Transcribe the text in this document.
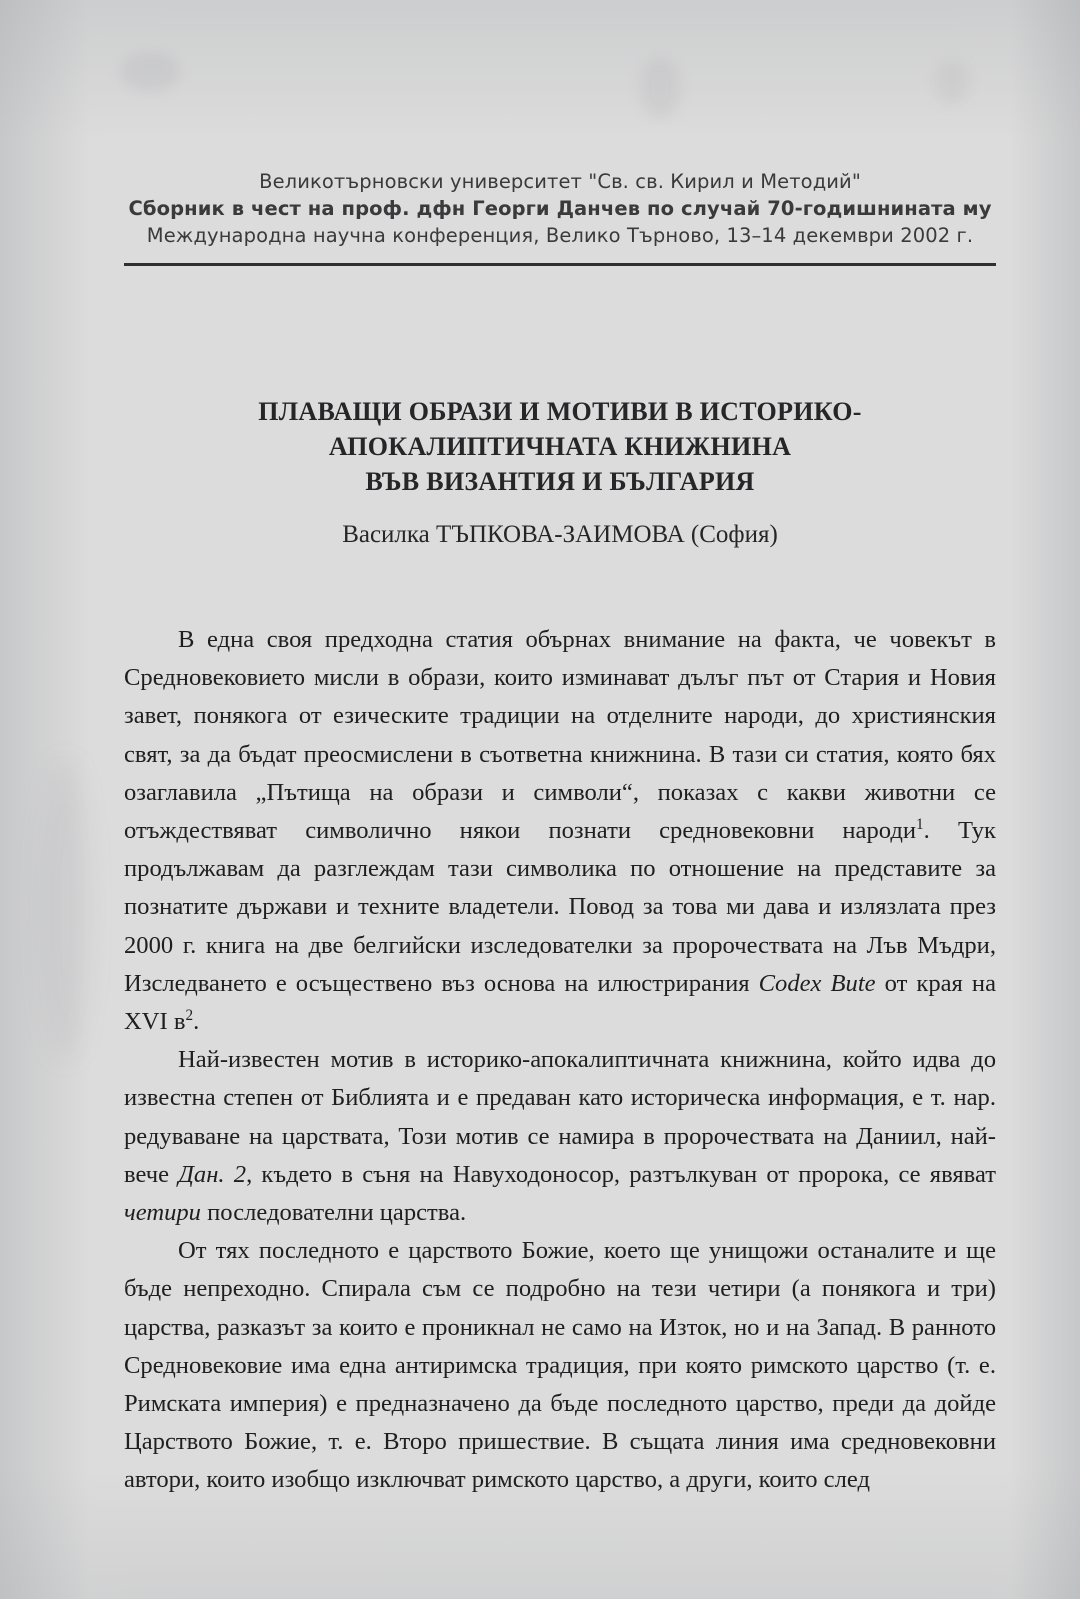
Великотърновски университет "Св. св. Кирил и Методий"
Сборник в чест на проф. дфн Георги Данчев по случай 70-годишнината му
Международна научна конференция, Велико Търново, 13–14 декември 2002 г.
ПЛАВАЩИ ОБРАЗИ И МОТИВИ В ИСТОРИКО-
АПОКАЛИПТИЧНАТА КНИЖНИНА
ВЪВ ВИЗАНТИЯ И БЪЛГАРИЯ
Василка ТЪПКОВА-ЗАИМОВА (София)

В една своя предходна статия обърнах внимание на факта, че човекът в Средновековието мисли в образи, които изминават дълъг път от Стария и Новия завет, понякога от езическите традиции на отделните народи, до християнския свят, за да бъдат преосмислени в съответна книжнина. В тази си статия, която бях озаглавила „Пътища на образи и символи“, показах с какви животни се отъждествяват символично някои познати средновековни народи$^1$. Тук продължавам да разглеждам тази символика по отношение на представите за познатите държави и техните владетели. Повод за това ми дава и излязлата през 2000 г. книга на две белгийски изследователки за пророчествата на Лъв Мъдри, Изследването е осъществено въз основа на илюстрирания Codex Bute от края на XVI $в^2$.

Най-известен мотив в историко-апокалиптичната книжнина, който идва до известна степен от Библията и е предаван като историческа информация, е т. нар. редуваване на царствата, Този мотив се намира в пророчествата на Даниил, най-вече Дан. 2, където в съня на Навуходоносор, разтълкуван от пророка, се явяват четири последователни царства.

От тях последното е царството Божие, което ще унищожи останалите и ще бъде непреходно. Спирала съм се подробно на тези четири (а понякога и три) царства, разказът за които е проникнал не само на Изток, но и на Запад. В ранното Средновековие има една антиримска традиция, при която римското царство (т. е. Римската империя) е предназначено да бъде последното царство, преди да дойде Царството Божие, т. е. Второ пришествие. В същата линия има средновековни автори, които изобщо изключват римското царство, а други, които след
